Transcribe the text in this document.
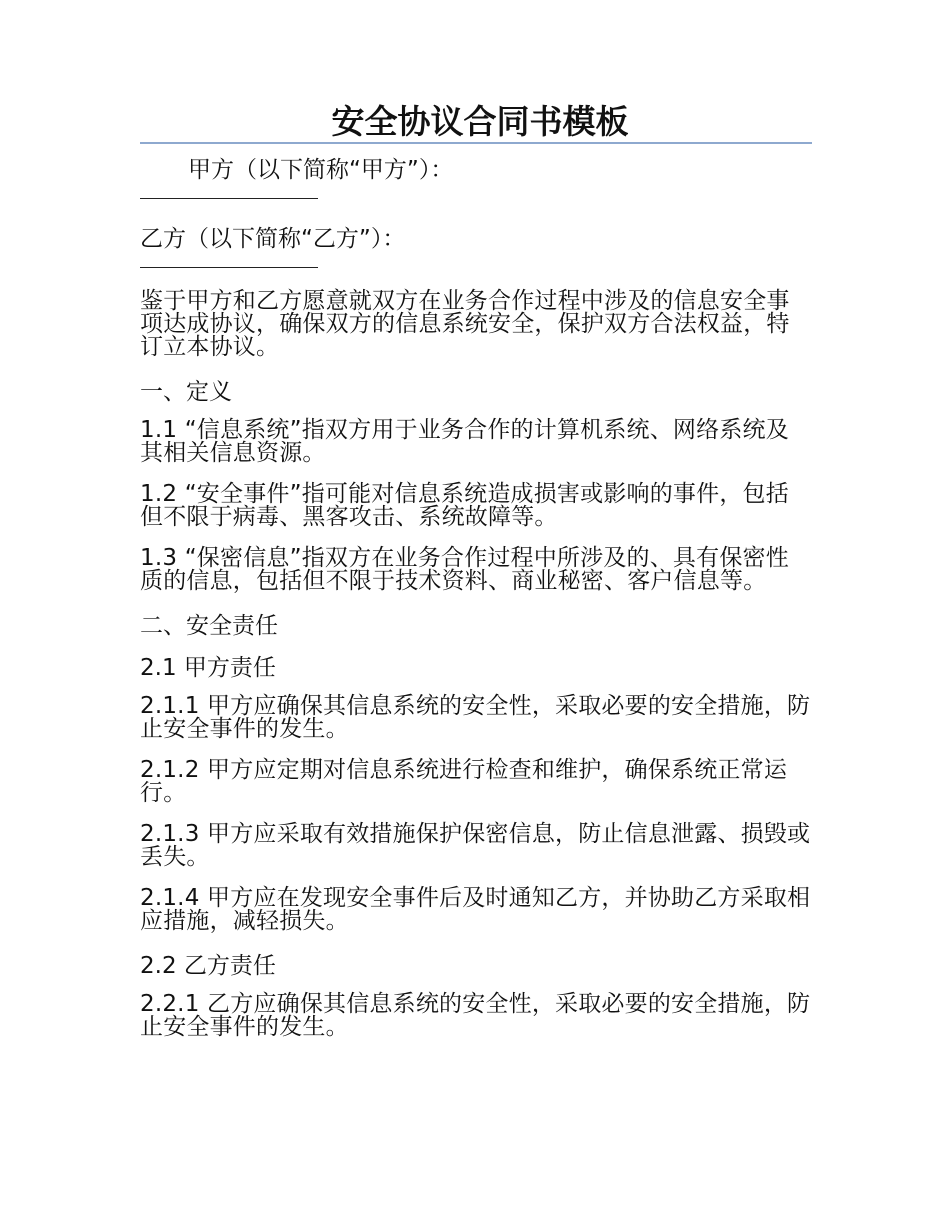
安全协议合同书模板

甲方（以下简称“甲方”）：

乙方（以下简称“乙方”）：

鉴于甲方和乙方愿意就双方在业务合作过程中涉及的信息安全事项达成协议，确保双方的信息系统安全，保护双方合法权益，特订立本协议。

一、定义

1.1 “信息系统”指双方用于业务合作的计算机系统、网络系统及其相关信息资源。

1.2 “安全事件”指可能对信息系统造成损害或影响的事件，包括但不限于病毒、黑客攻击、系统故障等。

1.3 “保密信息”指双方在业务合作过程中所涉及的、具有保密性质的信息，包括但不限于技术资料、商业秘密、客户信息等。

二、安全责任

2.1 甲方责任

2.1.1 甲方应确保其信息系统的安全性，采取必要的安全措施，防止安全事件的发生。

2.1.2 甲方应定期对信息系统进行检查和维护，确保系统正常运行。

2.1.3 甲方应采取有效措施保护保密信息，防止信息泄露、损毁或丢失。

2.1.4 甲方应在发现安全事件后及时通知乙方，并协助乙方采取相应措施，减轻损失。

2.2 乙方责任

2.2.1 乙方应确保其信息系统的安全性，采取必要的安全措施，防止安全事件的发生。
